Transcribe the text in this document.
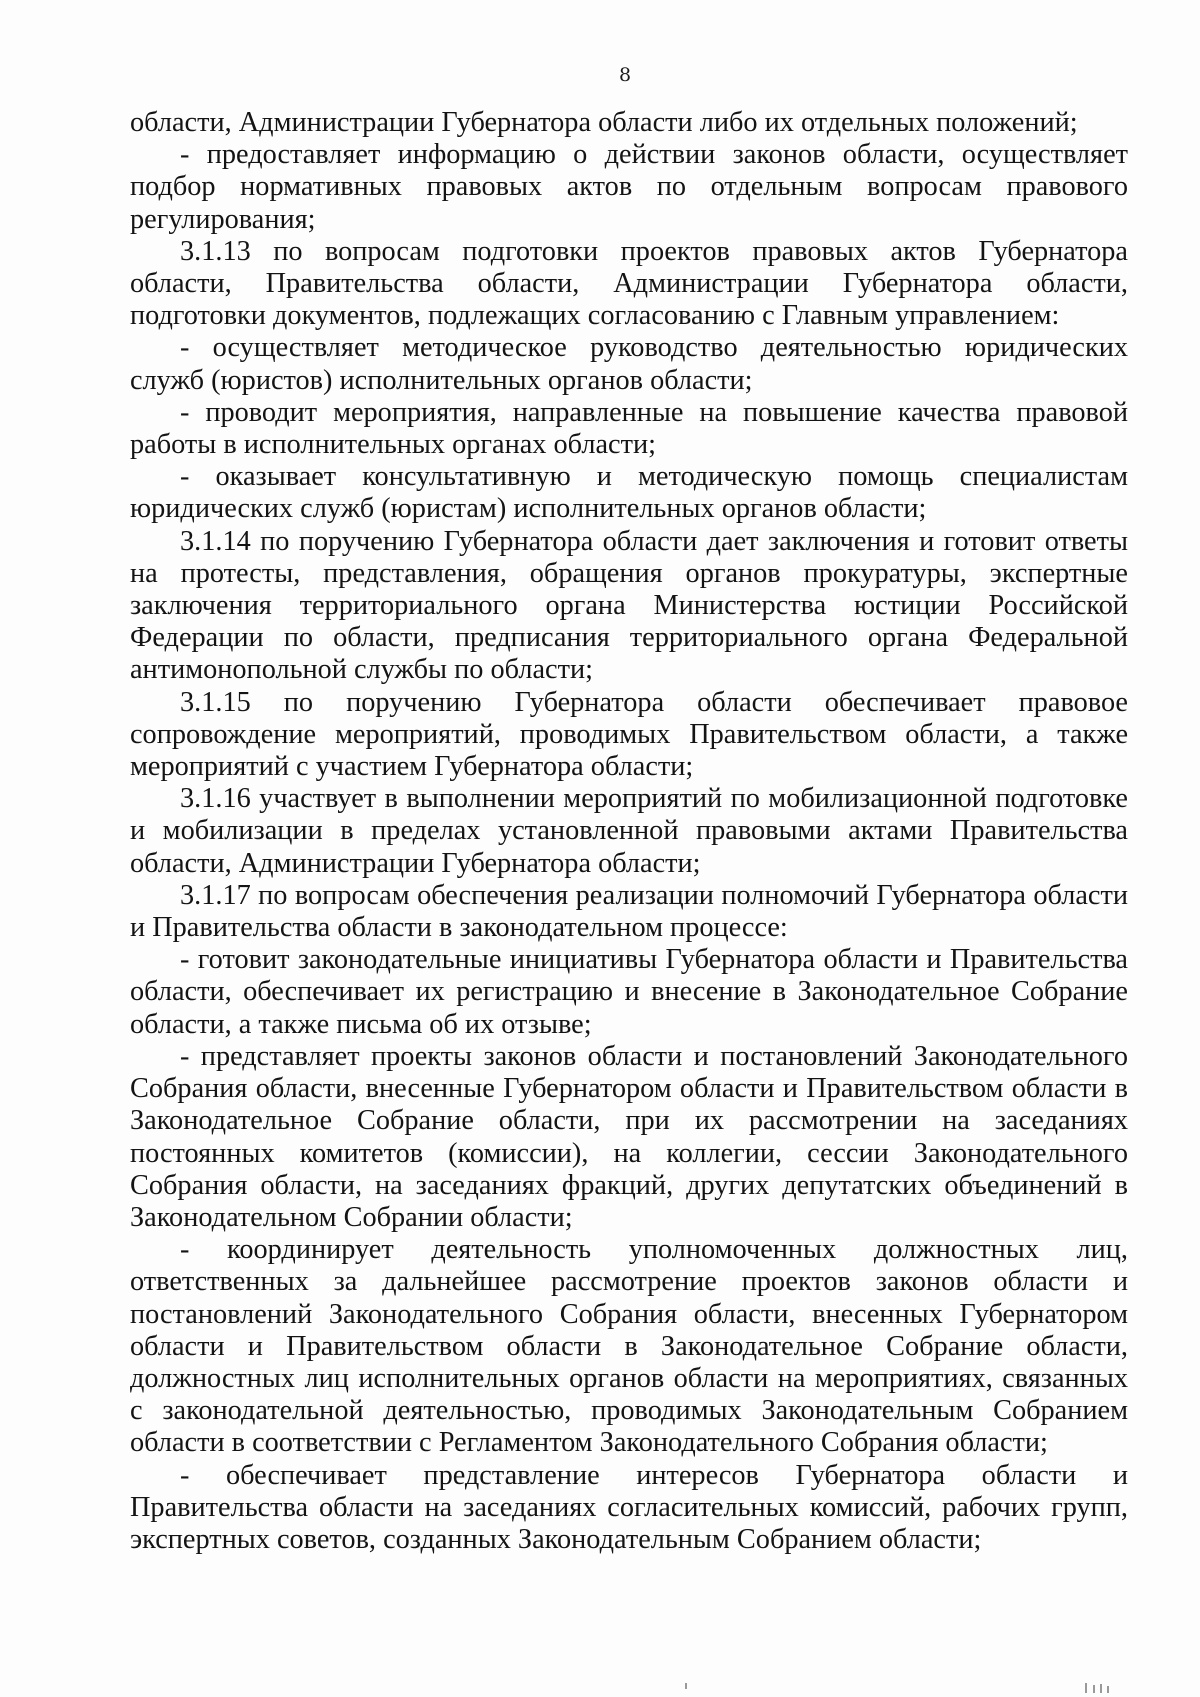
8

области, Администрации Губернатора области либо их отдельных положений;

- предоставляет информацию о действии законов области, осуществляет подбор нормативных правовых актов по отдельным вопросам правового регулирования;

3.1.13 по вопросам подготовки проектов правовых актов Губернатора области, Правительства области, Администрации Губернатора области, подготовки документов, подлежащих согласованию с Главным управлением:

- осуществляет методическое руководство деятельностью юридических служб (юристов) исполнительных органов области;

- проводит мероприятия, направленные на повышение качества правовой работы в исполнительных органах области;

- оказывает консультативную и методическую помощь специалистам юридических служб (юристам) исполнительных органов области;

3.1.14 по поручению Губернатора области дает заключения и готовит ответы на протесты, представления, обращения органов прокуратуры, экспертные заключения территориального органа Министерства юстиции Российской Федерации по области, предписания территориального органа Федеральной антимонопольной службы по области;

3.1.15 по поручению Губернатора области обеспечивает правовое сопровождение мероприятий, проводимых Правительством области, а также мероприятий с участием Губернатора области;

3.1.16 участвует в выполнении мероприятий по мобилизационной подготовке и мобилизации в пределах установленной правовыми актами Правительства области, Администрации Губернатора области;

3.1.17 по вопросам обеспечения реализации полномочий Губернатора области и Правительства области в законодательном процессе:

- готовит законодательные инициативы Губернатора области и Правительства области, обеспечивает их регистрацию и внесение в Законодательное Собрание области, а также письма об их отзыве;

- представляет проекты законов области и постановлений Законодательного Собрания области, внесенные Губернатором области и Правительством области в Законодательное Собрание области, при их рассмотрении на заседаниях постоянных комитетов (комиссии), на коллегии, сессии Законодательного Собрания области, на заседаниях фракций, других депутатских объединений в Законодательном Собрании области;

- координирует деятельность уполномоченных должностных лиц, ответственных за дальнейшее рассмотрение проектов законов области и постановлений Законодательного Собрания области, внесенных Губернатором области и Правительством области в Законодательное Собрание области, должностных лиц исполнительных органов области на мероприятиях, связанных с законодательной деятельностью, проводимых Законодательным Собранием области в соответствии с Регламентом Законодательного Собрания области;

- обеспечивает представление интересов Губернатора области и Правительства области на заседаниях согласительных комиссий, рабочих групп, экспертных советов, созданных Законодательным Собранием области;
